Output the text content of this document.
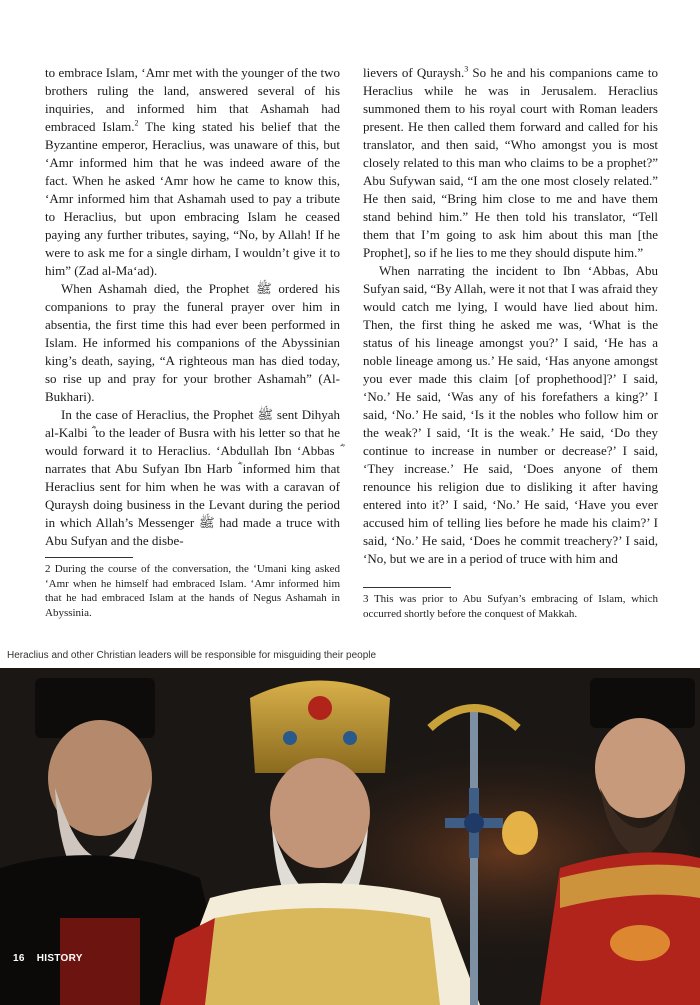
to embrace Islam, ‘Amr met with the younger of the two brothers ruling the land, answered several of his inquiries, and informed him that Ashamah had embraced Islam.$^2$ The king stated his belief that the Byzantine emperor, Heraclius, was unaware of this, but ‘Amr informed him that he was indeed aware of the fact. When he asked ‘Amr how he came to know this, ‘Amr informed him that Ashamah used to pay a tribute to Heraclius, but upon embracing Islam he ceased paying any further tributes, saying, “No, by Allah! If he were to ask me for a single dirham, I wouldn’t give it to him” (Zad al-Ma‘ad).

When Ashamah died, the Prophet ﷺ ordered his companions to pray the funeral prayer over him in absentia, the first time this had ever been performed in Islam. He informed his companions of the Abyssinian king’s death, saying, “A righteous man has died today, so rise up and pray for your brother Ashamah” (Al-Bukhari).

In the case of Heraclius, the Prophet ﷺ sent Dihyah al-Kalbi ؓ to the leader of Busra with his letter so that he would forward it to Heraclius. ‘Abdullah Ibn ‘Abbas ؓ narrates that Abu Sufyan Ibn Harb ؓ informed him that Heraclius sent for him when he was with a caravan of Quraysh doing business in the Levant during the period in which Allah’s Messenger ﷺ had made a truce with Abu Sufyan and the disbe-

lievers of Quraysh.$^3$ So he and his companions came to Heraclius while he was in Jerusalem. Heraclius summoned them to his royal court with Roman leaders present. He then called them forward and called for his translator, and then said, “Who amongst you is most closely related to this man who claims to be a prophet?” Abu Sufywan said, “I am the one most closely related.” He then said, “Bring him close to me and have them stand behind him.” He then told his translator, “Tell them that I’m going to ask him about this man [the Prophet], so if he lies to me they should dispute him.”

When narrating the incident to Ibn ‘Abbas, Abu Sufyan said, “By Allah, were it not that I was afraid they would catch me lying, I would have lied about him. Then, the first thing he asked me was, ‘What is the status of his lineage amongst you?’ I said, ‘He has a noble lineage among us.’ He said, ‘Has anyone amongst you ever made this claim [of prophethood]?’ I said, ‘No.’ He said, ‘Was any of his forefathers a king?’ I said, ‘No.’ He said, ‘Is it the nobles who follow him or the weak?’ I said, ‘It is the weak.’ He said, ‘Do they continue to increase in number or decrease?’ I said, ‘They increase.’ He said, ‘Does anyone of them renounce his religion due to disliking it after having entered into it?’ I said, ‘No.’ He said, ‘Have you ever accused him of telling lies before he made his claim?’ I said, ‘No.’ He said, ‘Does he commit treachery?’ I said, ‘No, but we are in a period of truce with him and

2 During the course of the conversation, the ‘Umani king asked ‘Amr when he himself had embraced Islam. ‘Amr informed him that he had embraced Islam at the hands of Negus Ashamah in Abyssinia.
3 This was prior to Abu Sufyan’s embracing of Islam, which occurred shortly before the conquest of Makkah.
Heraclius and other Christian leaders will be responsible for misguiding their people
16 HISTORY
